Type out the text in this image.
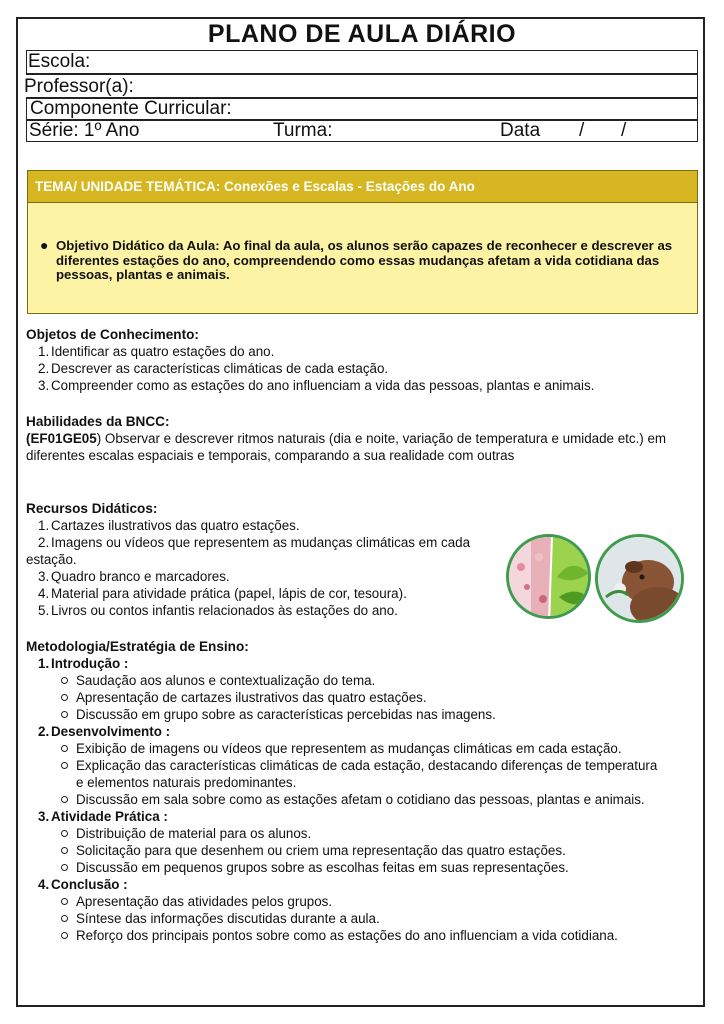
PLANO DE AULA DIÁRIO
Escola:
Professor(a):
Componente Curricular:
Série: 1º Ano	Turma:	Data / /
TEMA/ UNIDADE TEMÁTICA: Conexões e Escalas - Estações do Ano
● Objetivo Didático da Aula: Ao final da aula, os alunos serão capazes de reconhecer e descrever as diferentes estações do ano, compreendendo como essas mudanças afetam a vida cotidiana das pessoas, plantas e animais.
Objetos de Conhecimento:
1. Identificar as quatro estações do ano.
2. Descrever as características climáticas de cada estação.
3. Compreender como as estações do ano influenciam a vida das pessoas, plantas e animais.
Habilidades da BNCC:
(EF01GE05) Observar e descrever ritmos naturais (dia e noite, variação de temperatura e umidade etc.) em diferentes escalas espaciais e temporais, comparando a sua realidade com outras
Recursos Didáticos:
1. Cartazes ilustrativos das quatro estações.
2. Imagens ou vídeos que representem as mudanças climáticas em cada estação.
3. Quadro branco e marcadores.
4. Material para atividade prática (papel, lápis de cor, tesoura).
5. Livros ou contos infantis relacionados às estações do ano.
Metodologia/Estratégia de Ensino:
1. Introdução :
Saudação aos alunos e contextualização do tema.
Apresentação de cartazes ilustrativos das quatro estações.
Discussão em grupo sobre as características percebidas nas imagens.
2. Desenvolvimento :
Exibição de imagens ou vídeos que representem as mudanças climáticas em cada estação.
Explicação das características climáticas de cada estação, destacando diferenças de temperatura e elementos naturais predominantes.
Discussão em sala sobre como as estações afetam o cotidiano das pessoas, plantas e animais.
3. Atividade Prática :
Distribuição de material para os alunos.
Solicitação para que desenhem ou criem uma representação das quatro estações.
Discussão em pequenos grupos sobre as escolhas feitas em suas representações.
4. Conclusão :
Apresentação das atividades pelos grupos.
Síntese das informações discutidas durante a aula.
Reforço dos principais pontos sobre como as estações do ano influenciam a vida cotidiana.
